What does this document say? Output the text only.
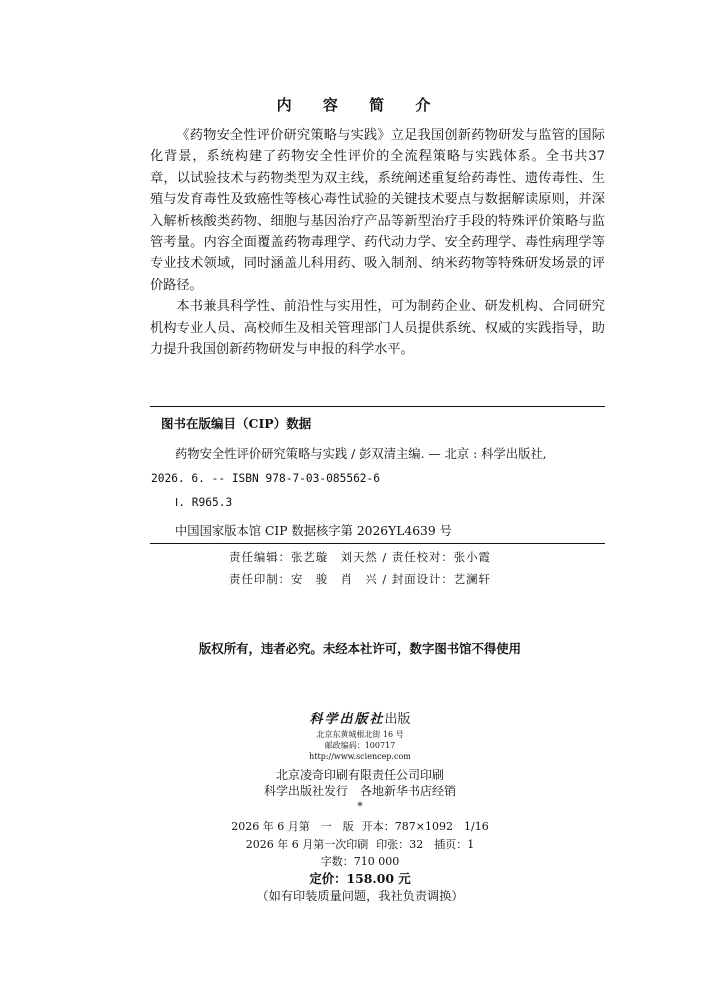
内 容 简 介

《药物安全性评价研究策略与实践》立足我国创新药物研发与监管的国际化背景，系统构建了药物安全性评价的全流程策略与实践体系。全书共37 章，以试验技术与药物类型为双主线，系统阐述重复给药毒性、遗传毒性、生殖与发育毒性及致癌性等核心毒性试验的关键技术要点与数据解读原则，并深入解析核酸类药物、细胞与基因治疗产品等新型治疗手段的特殊评价策略与监管考量。内容全面覆盖药物毒理学、药代动力学、安全药理学、毒性病理学等专业技术领域，同时涵盖儿科用药、吸入制剂、纳米药物等特殊研发场景的评价路径。

本书兼具科学性、前沿性与实用性，可为制药企业、研发机构、合同研究机构专业人员、高校师生及相关管理部门人员提供系统、权威的实践指导，助力提升我国创新药物研发与申报的科学水平。

图书在版编目（CIP）数据
药物安全性评价研究策略与实践 / 彭双清主编. — 北京 : 科学出版社,
2026. 6. -- ISBN 978-7-03-085562-6
Ⅰ. R965.3
中国国家版本馆 CIP 数据核字第 2026YL4639 号
责任编辑：张艺璇　刘天然 / 责任校对：张小霞
责任印制：安　骏　肖　兴 / 封面设计：艺澜轩
版权所有，违者必究。未经本社许可，数字图书馆不得使用
科学出版社出版
北京东黄城根北街 16 号
邮政编码：100717
http://www.sciencep.com
北京凌奇印刷有限责任公司印刷
科学出版社发行　各地新华书店经销
*
2026 年 6 月第　一　版 开本：787×1092　1/16
2026 年 6 月第一次印刷 印张：32　插页：1
字数：710 000
定价：158.00 元
（如有印装质量问题，我社负责调换）
